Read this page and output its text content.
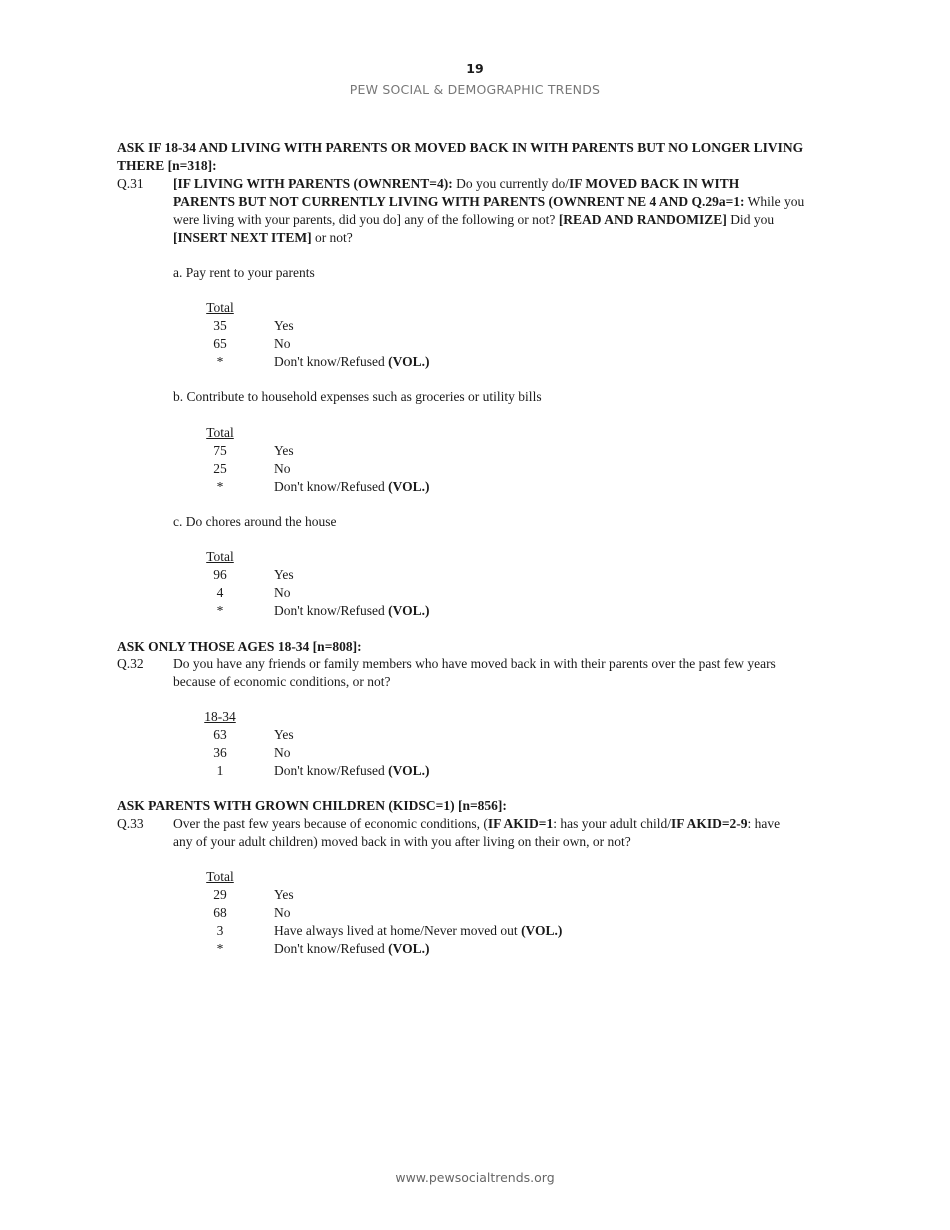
19
PEW SOCIAL & DEMOGRAPHIC TRENDS
ASK IF 18-34 AND LIVING WITH PARENTS OR MOVED BACK IN WITH PARENTS BUT NO LONGER LIVING
THERE [n=318]:
Q.31 [IF LIVING WITH PARENTS (OWNRENT=4): Do you currently do/IF MOVED BACK IN WITH
PARENTS BUT NOT CURRENTLY LIVING WITH PARENTS (OWNRENT NE 4 AND Q.29a=1: While you
were living with your parents, did you do] any of the following or not? [READ AND RANDOMIZE] Did you
[INSERT NEXT ITEM] or not?
a. Pay rent to your parents
Total
35	Yes
65	No
*	Don't know/Refused (VOL.)
b. Contribute to household expenses such as groceries or utility bills
Total
75	Yes
25	No
*	Don't know/Refused (VOL.)
c. Do chores around the house
Total
96	Yes
4	No
*	Don't know/Refused (VOL.)
ASK ONLY THOSE AGES 18-34 [n=808]:
Q.32 Do you have any friends or family members who have moved back in with their parents over the past few years
because of economic conditions, or not?
18-34
63	Yes
36	No
1	Don't know/Refused (VOL.)
ASK PARENTS WITH GROWN CHILDREN (KIDSC=1) [n=856]:
Q.33 Over the past few years because of economic conditions, (IF AKID=1: has your adult child/IF AKID=2-9: have
any of your adult children) moved back in with you after living on their own, or not?
Total
29	Yes
68	No
3	Have always lived at home/Never moved out (VOL.)
*	Don't know/Refused (VOL.)
www.pewsocialtrends.org
